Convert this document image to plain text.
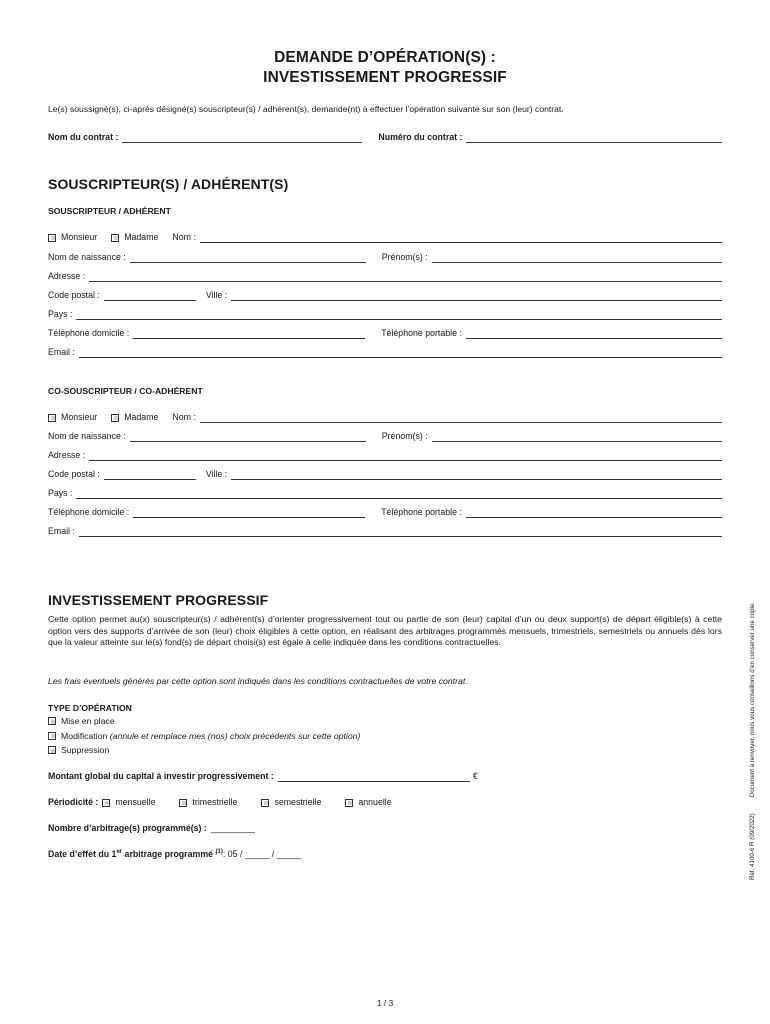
DEMANDE D’OPÉRATION(S) :
INVESTISSEMENT PROGRESSIF
Le(s) soussigné(s), ci-après désigné(s) souscripteur(s) / adhérent(s), demande(nt) à effectuer l’opération suivante sur son (leur) contrat.
Nom du contrat :	Numéro du contrat :
SOUSCRIPTEUR(S) / ADHÉRENT(S)
SOUSCRIPTEUR / ADHÉRENT
Monsieur	Madame Nom :
Nom de naissance :	Prénom(s) :
Adresse :
Code postal :	Ville :
Pays :
Téléphone domicile :	Téléphone portable :
Email :
CO-SOUSCRIPTEUR / CO-ADHÉRENT
Monsieur	Madame Nom :
Nom de naissance :	Prénom(s) :
Adresse :
Code postal :	Ville :
Pays :
Téléphone domicile :	Téléphone portable :
Email :
INVESTISSEMENT PROGRESSIF
Cette option permet au(x) souscripteur(s) / adhérent(s) d’orienter progressivement tout ou partie de son (leur) capital d’un ou deux support(s) de départ éligible(s) à cette option vers des supports d’arrivée de son (leur) choix éligibles à cette option, en réalisant des arbitrages programmés mensuels, trimestriels, semestriels ou annuels dès lors que la valeur atteinte sur le(s) fond(s) de départ choisi(s) est égale à celle indiquée dans les conditions contractuelles.
Les frais éventuels générés par cette option sont indiqués dans les conditions contractuelles de votre contrat.
TYPE D’OPÉRATION
Mise en place
Modification
(annule et remplace mes (nos) choix précédents sur cette option)
Suppression
Montant global du capital à investir progressivement :	€
Périodicité : mensuelle	trimestrielle	semestrielle	annuelle
Nombre d’arbitrage(s) programmé(s) : _________
Date d’effet du 1er arbitrage programmé $^{(1)}$ : 05 / _____ / _____	Réf. 4100-6 R (09/2022)Document à renvoyer, nous vous conseillons d’en conserver une copie.
1 / 3
